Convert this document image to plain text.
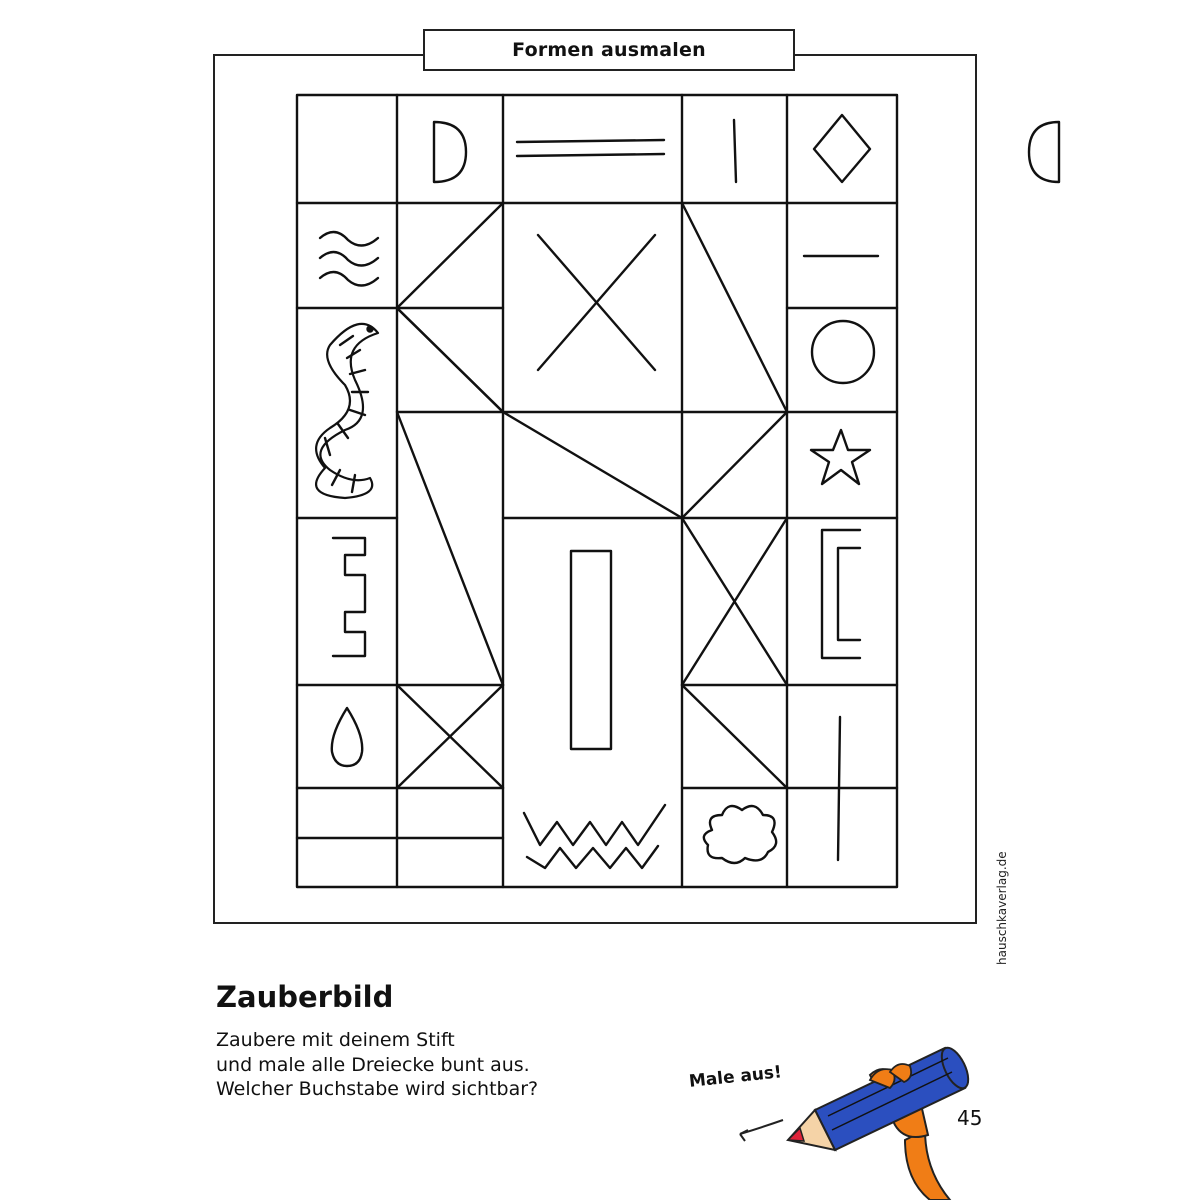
Formen ausmalen
hauschkaverlag.de
Zauberbild
Zaubere mit deinem Stift
und male alle Dreiecke bunt aus.
Welcher Buchstabe wird sichtbar?	Male aus!
45
